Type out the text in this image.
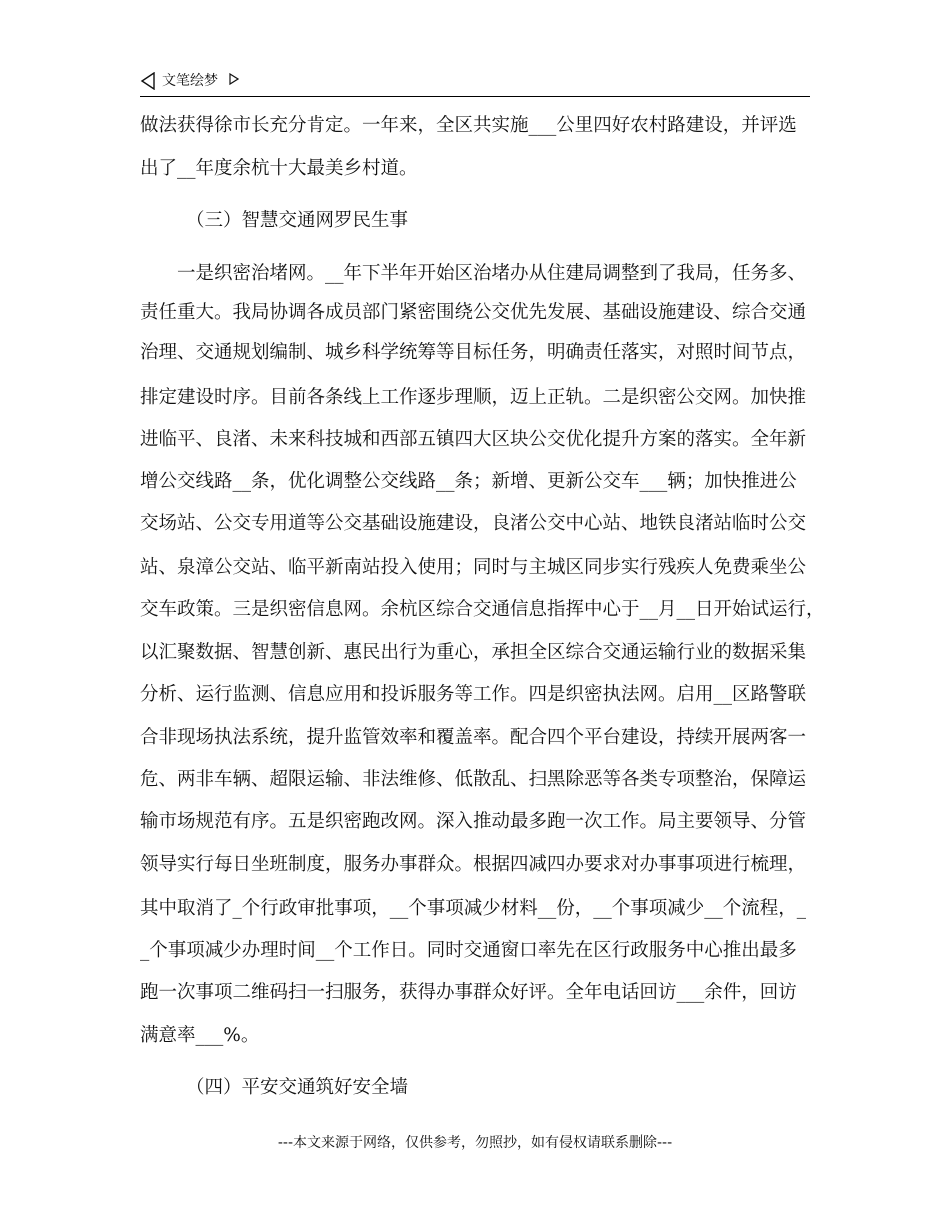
文笔绘梦
做法获得徐市长充分肯定。一年来，全区共实施___公里四好农村路建设，并评选
出了__年度余杭十大最美乡村道。
（三）智慧交通网罗民生事
一是织密治堵网。__年下半年开始区治堵办从住建局调整到了我局，任务多、
责任重大。我局协调各成员部门紧密围绕公交优先发展、基础设施建设、综合交通
治理、交通规划编制、城乡科学统筹等目标任务，明确责任落实，对照时间节点，
排定建设时序。目前各条线上工作逐步理顺，迈上正轨。二是织密公交网。加快推
进临平、良渚、未来科技城和西部五镇四大区块公交优化提升方案的落实。全年新
增公交线路__条，优化调整公交线路__条；新增、更新公交车___辆；加快推进公
交场站、公交专用道等公交基础设施建设，良渚公交中心站、地铁良渚站临时公交
站、泉漳公交站、临平新南站投入使用；同时与主城区同步实行残疾人免费乘坐公
交车政策。三是织密信息网。余杭区综合交通信息指挥中心于__月__日开始试运行，
以汇聚数据、智慧创新、惠民出行为重心，承担全区综合交通运输行业的数据采集
分析、运行监测、信息应用和投诉服务等工作。四是织密执法网。启用__区路警联
合非现场执法系统，提升监管效率和覆盖率。配合四个平台建设，持续开展两客一
危、两非车辆、超限运输、非法维修、低散乱、扫黑除恶等各类专项整治，保障运
输市场规范有序。五是织密跑改网。深入推动最多跑一次工作。局主要领导、分管
领导实行每日坐班制度，服务办事群众。根据四减四办要求对办事事项进行梳理，
其中取消了_个行政审批事项，__个事项减少材料__份，__个事项减少__个流程，_
_个事项减少办理时间__个工作日。同时交通窗口率先在区行政服务中心推出最多
跑一次事项二维码扫一扫服务，获得办事群众好评。全年电话回访___余件，回访
满意率___%。
（四）平安交通筑好安全墙
---本文来源于网络，仅供参考，勿照抄，如有侵权请联系删除---
